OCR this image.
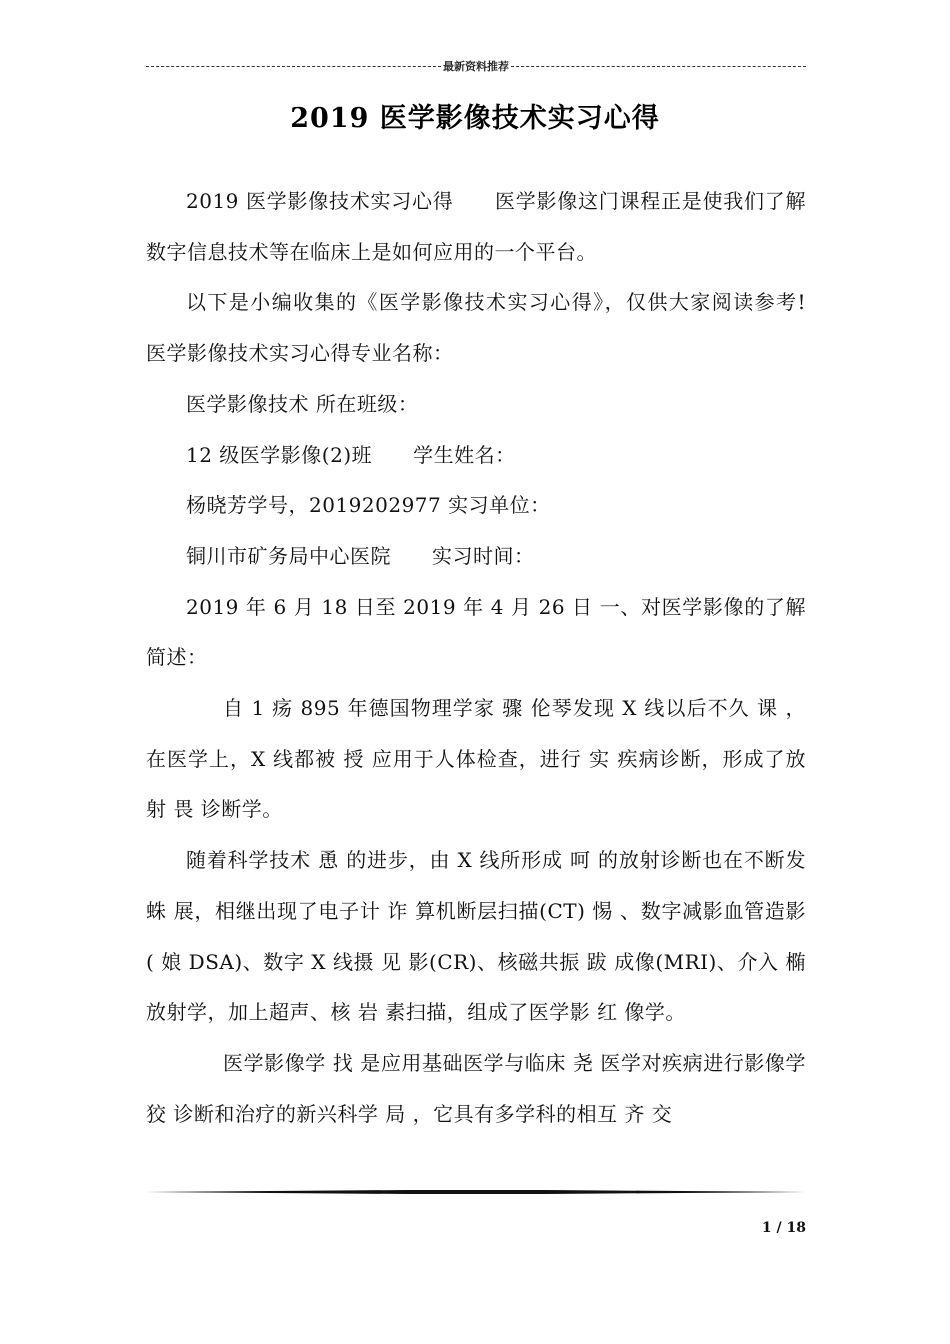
最新资料推荐
2019 医学影像技术实习心得

2019 医学影像技术实习心得　　医学影像这门课程正是使我们了解数字信息技术等在临床上是如何应用的一个平台。

以下是小编收集的《医学影像技术实习心得》，仅供大家阅读参考!　　医学影像技术实习心得专业名称：

医学影像技术 所在班级：

12 级医学影像(2)班　　学生姓名：

杨晓芳学号，2019202977 实习单位：

铜川市矿务局中心医院　　实习时间：

2019 年 6 月 18 日至 2019 年 4 月 26 日 一、对医学影像的了解简述：

自 1 疡 895 年德国物理学家 骤 伦琴发现 X 线以后不久 课 ，在医学上，X 线都被 授 应用于人体检查，进行 实 疾病诊断，形成了放射 畏 诊断学。

随着科学技术 恿 的进步，由 X 线所形成 呵 的放射诊断也在不断发 蛛 展，相继出现了电子计 诈 算机断层扫描(CT) 惕 、数字减影血管造影( 娘 DSA)、数字 X 线摄 见 影(CR)、核磁共振 跋 成像(MRI)、介入 椭 放射学，加上超声、核 岩 素扫描，组成了医学影 红 像学。

医学影像学 找 是应用基础医学与临床 尧 医学对疾病进行影像学 狡 诊断和治疗的新兴科学 局 ，它具有多学科的相互 齐 交

1 / 18
